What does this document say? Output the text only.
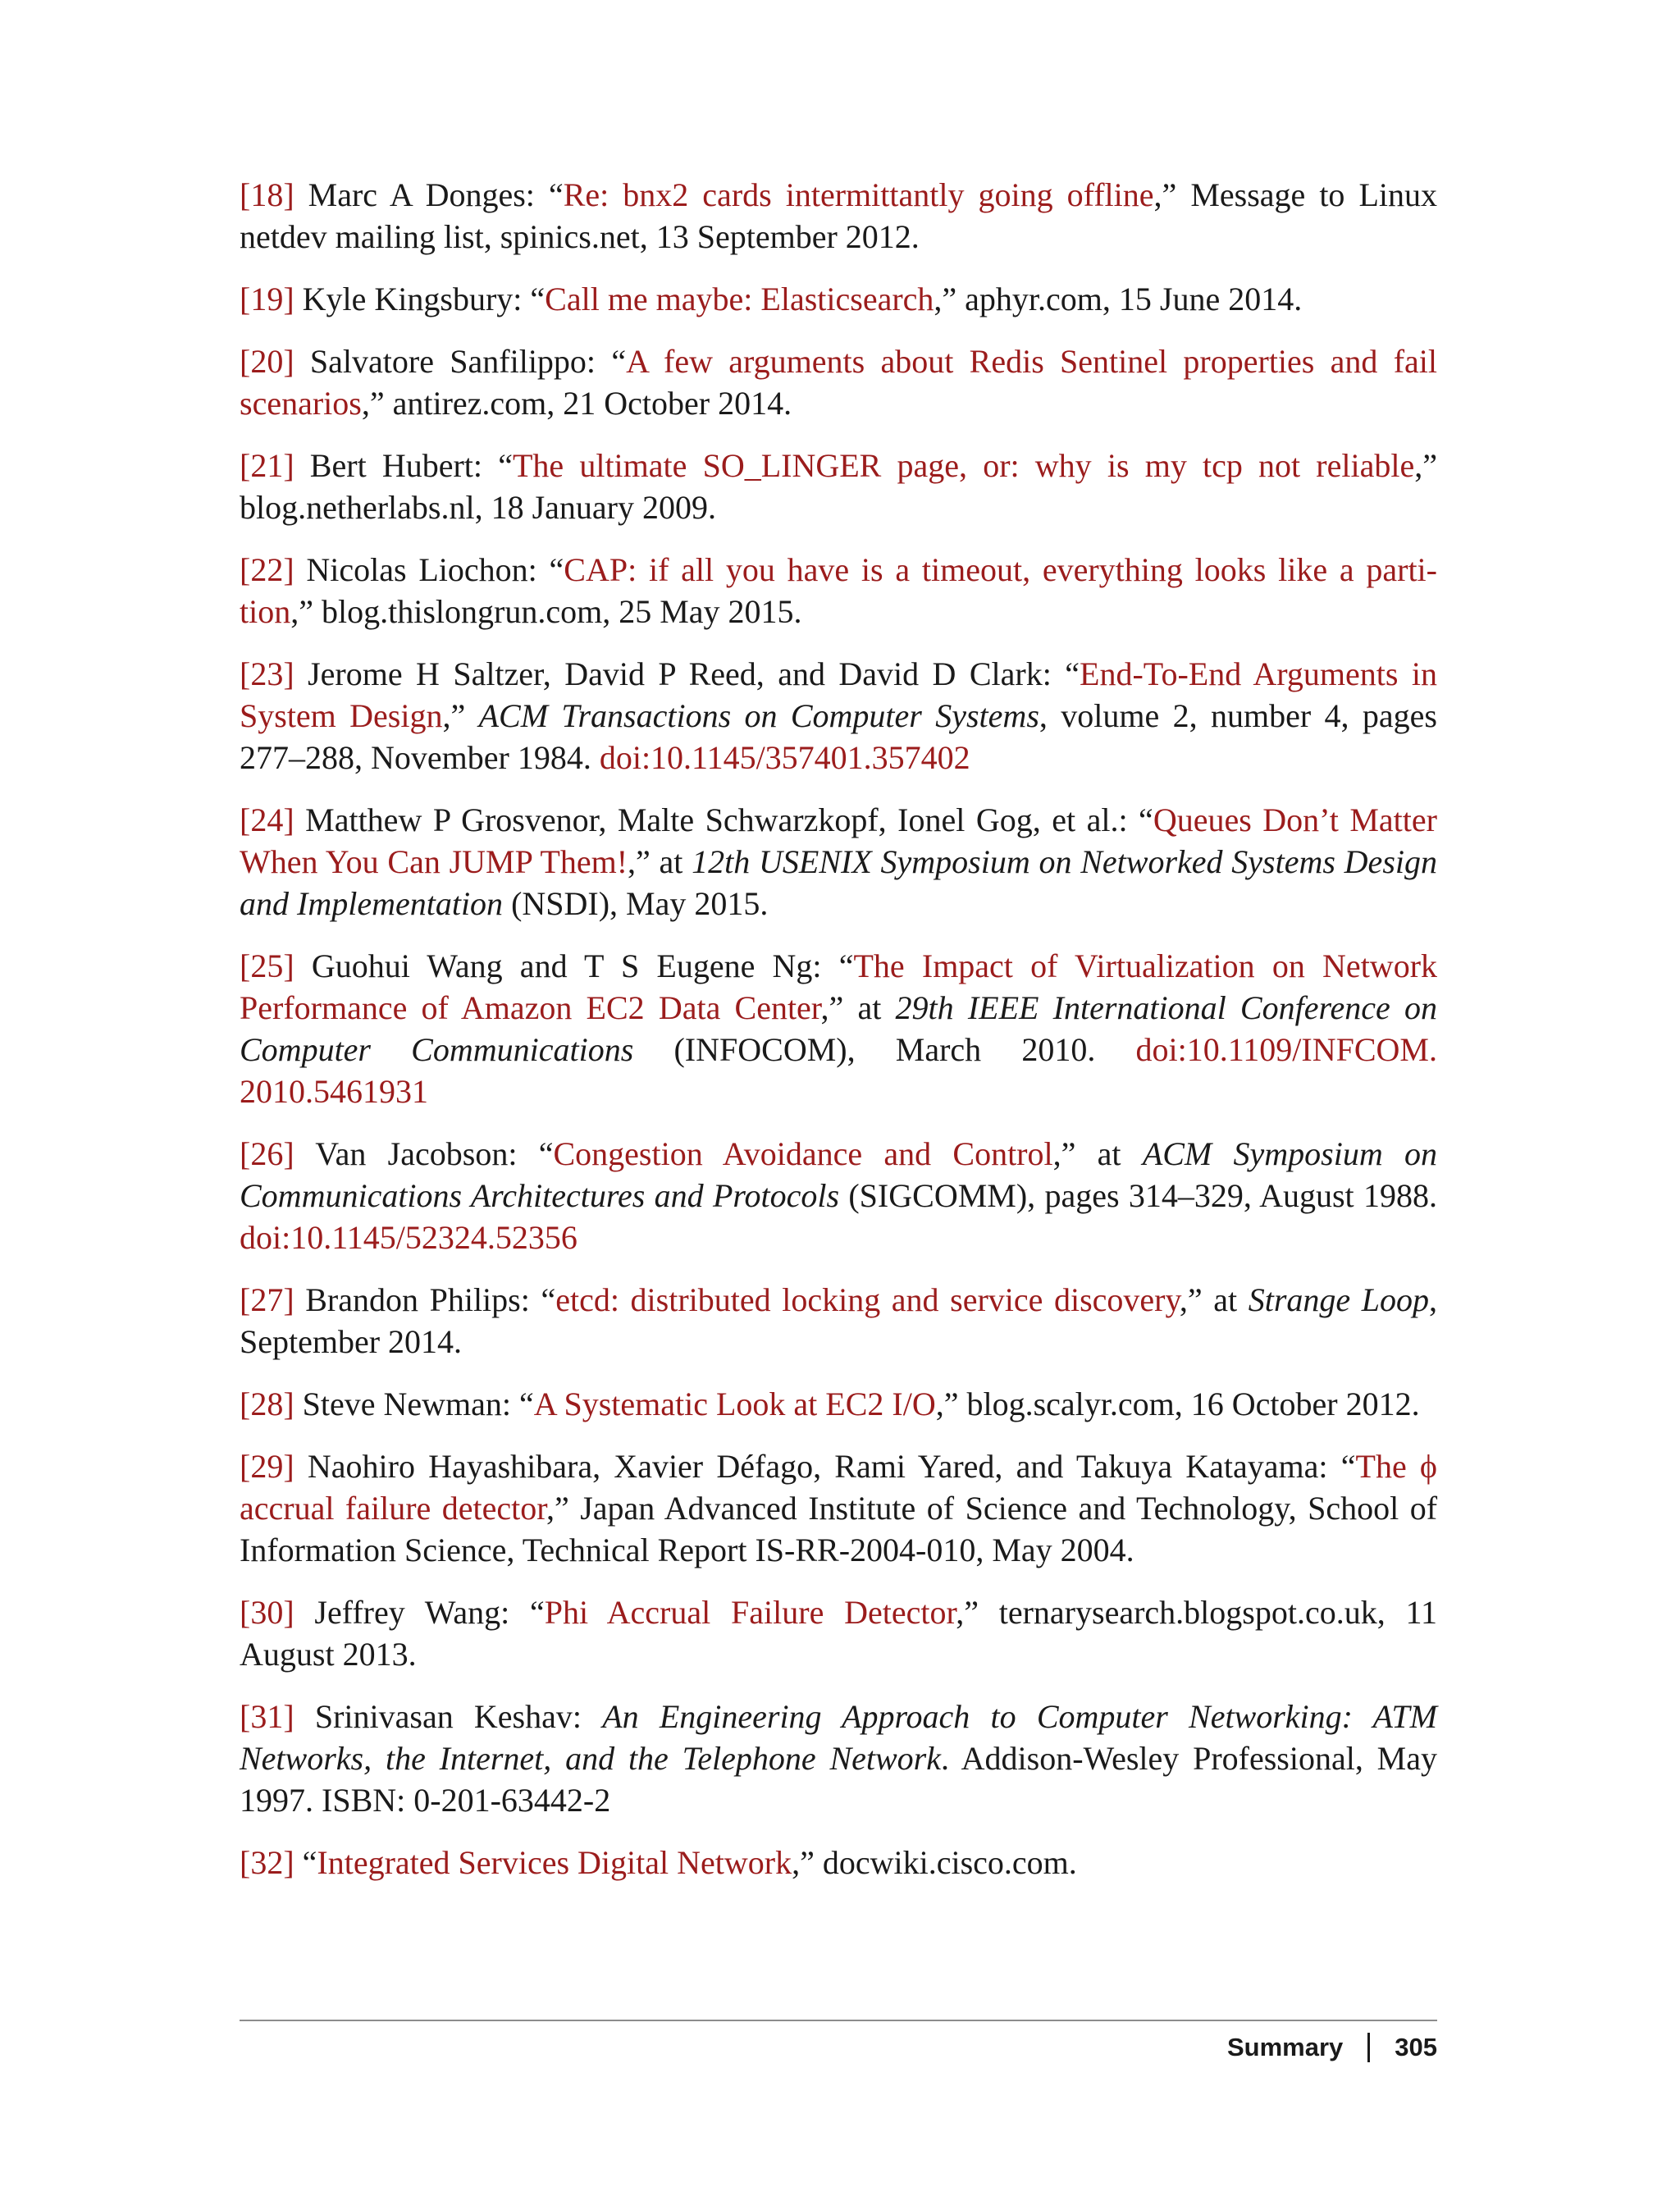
[18] Marc A Donges: “Re: bnx2 cards intermittantly going offline,” Message to Linux netdev mailing list, spinics.net, 13 September 2012.

[19] Kyle Kingsbury: “Call me maybe: Elasticsearch,” aphyr.com, 15 June 2014.

[20] Salvatore Sanfilippo: “A few arguments about Redis Sentinel properties and fail scenarios,” antirez.com, 21 October 2014.

[21] Bert Hubert: “The ultimate SO_LINGER page, or: why is my tcp not reliable,” blog.netherlabs.nl, 18 January 2009.

[22] Nicolas Liochon: “CAP: if all you have is a timeout, everything looks like a partition,” blog.thislongrun.com, 25 May 2015.

[23] Jerome H Saltzer, David P Reed, and David D Clark: “End-To-End Arguments in System Design,” ACM Transactions on Computer Systems, volume 2, number 4, pages 277–288, November 1984. doi:10.1145/357401.357402

[24] Matthew P Grosvenor, Malte Schwarzkopf, Ionel Gog, et al.: “Queues Don’t Matter When You Can JUMP Them!,” at 12th USENIX Symposium on Networked Systems Design and Implementation (NSDI), May 2015.

[25] Guohui Wang and T S Eugene Ng: “The Impact of Virtualization on Network Performance of Amazon EC2 Data Center,” at 29th IEEE International Conference on Computer Communications (INFOCOM), March 2010. doi:10.1109/INFCOM.​2010.5461931

[26] Van Jacobson: “Congestion Avoidance and Control,” at ACM Symposium on Communications Architectures and Protocols (SIGCOMM), pages 314–329, August 1988. doi:10.1145/52324.52356

[27] Brandon Philips: “etcd: distributed locking and service discovery,” at Strange Loop, September 2014.

[28] Steve Newman: “A Systematic Look at EC2 I/O,” blog.scalyr.com, 16 October 2012.

[29] Naohiro Hayashibara, Xavier Défago, Rami Yared, and Takuya Katayama: “The ϕ accrual failure detector,” Japan Advanced Institute of Science and Technology, School of Information Science, Technical Report IS-RR-2004-010, May 2004.

[30] Jeffrey Wang: “Phi Accrual Failure Detector,” ternarysearch.blogspot.co.uk, 11 August 2013.

[31] Srinivasan Keshav: An Engineering Approach to Computer Networking: ATM Networks, the Internet, and the Telephone Network. Addison-Wesley Professional, May 1997. ISBN: 0-201-63442-2

[32] “Integrated Services Digital Network,” docwiki.cisco.com.

Summary 305
